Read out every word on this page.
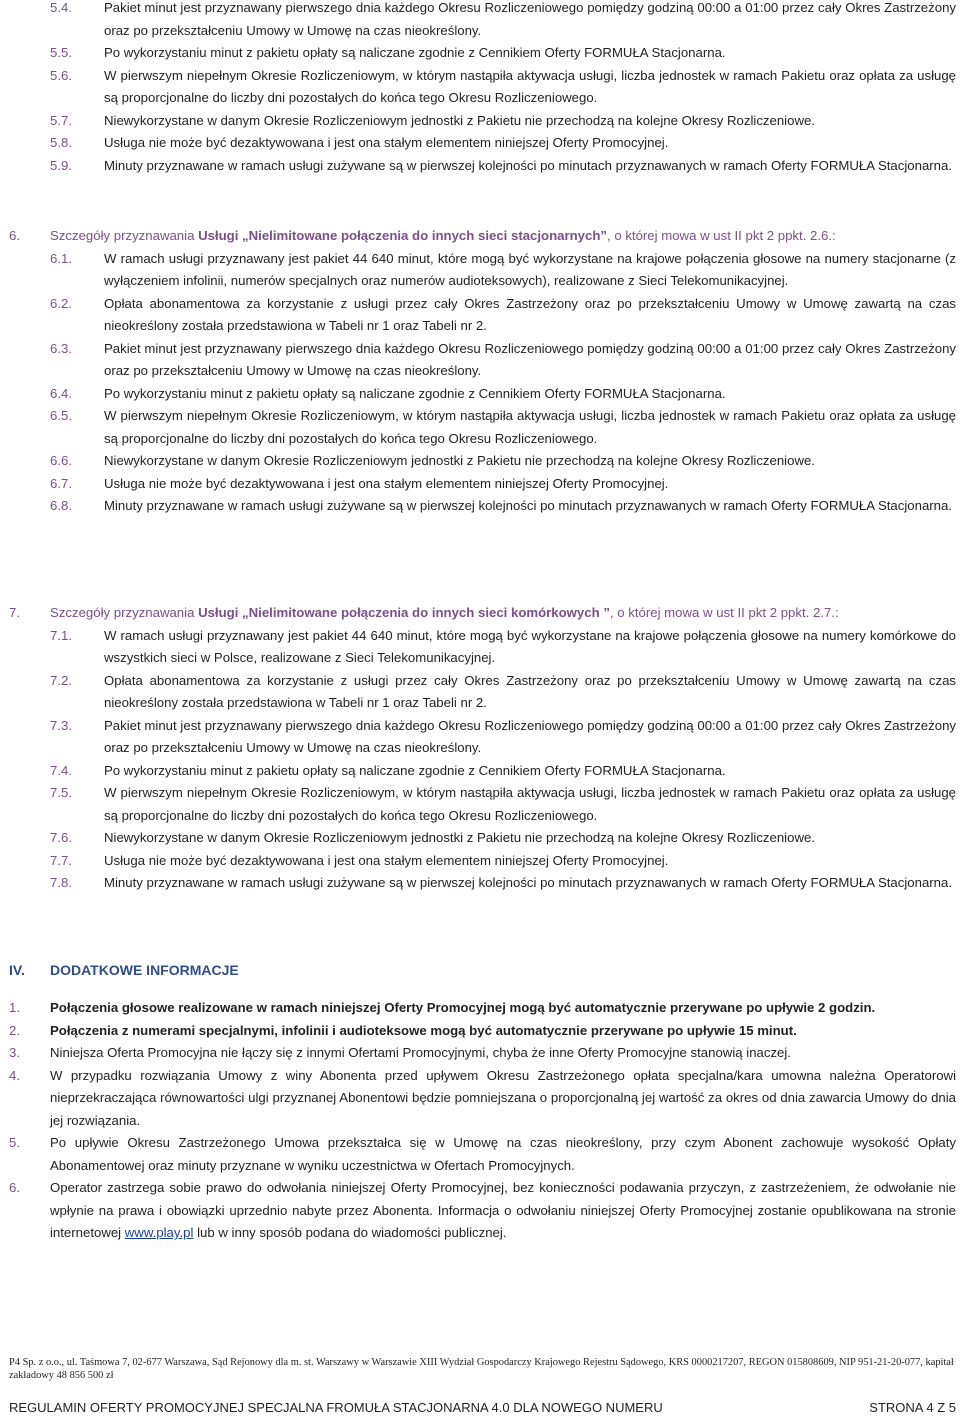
5.4.	Pakiet minut jest przyznawany pierwszego dnia każdego Okresu Rozliczeniowego pomiędzy godziną 00:00 a 01:00 przez cały Okres Zastrzeżony oraz po przekształceniu Umowy w Umowę na czas nieokreślony.
5.5.	Po wykorzystaniu minut z pakietu opłaty są naliczane zgodnie z Cennikiem Oferty FORMUŁA Stacjonarna.
5.6.	W pierwszym niepełnym Okresie Rozliczeniowym, w którym nastąpiła aktywacja usługi, liczba jednostek w ramach Pakietu oraz opłata za usługę są proporcjonalne do liczby dni pozostałych do końca tego Okresu Rozliczeniowego.
5.7.	Niewykorzystane w danym Okresie Rozliczeniowym jednostki z Pakietu nie przechodzą na kolejne Okresy Rozliczeniowe.
5.8.	Usługa nie może być dezaktywowana i jest ona stałym elementem niniejszej Oferty Promocyjnej.
5.9.	Minuty przyznawane w ramach usługi zużywane są w pierwszej kolejności po minutach przyznawanych w ramach Oferty FORMUŁA Stacjonarna.
6.	Szczegóły przyznawania Usługi „Nielimitowane połączenia do innych sieci stacjonarnych”, o której mowa w ust II pkt 2 ppkt. 2.6.:
6.1.	W ramach usługi przyznawany jest pakiet 44 640 minut, które mogą być wykorzystane na krajowe połączenia głosowe na numery stacjonarne (z wyłączeniem infolinii, numerów specjalnych oraz numerów audioteksowych), realizowane z Sieci Telekomunikacyjnej.
6.2.	Opłata abonamentowa za korzystanie z usługi przez cały Okres Zastrzeżony oraz po przekształceniu Umowy w Umowę zawartą na czas nieokreślony została przedstawiona w Tabeli nr 1 oraz Tabeli nr 2.
6.3.	Pakiet minut jest przyznawany pierwszego dnia każdego Okresu Rozliczeniowego pomiędzy godziną 00:00 a 01:00 przez cały Okres Zastrzeżony oraz po przekształceniu Umowy w Umowę na czas nieokreślony.
6.4.	Po wykorzystaniu minut z pakietu opłaty są naliczane zgodnie z Cennikiem Oferty FORMUŁA Stacjonarna.
6.5.	W pierwszym niepełnym Okresie Rozliczeniowym, w którym nastąpiła aktywacja usługi, liczba jednostek w ramach Pakietu oraz opłata za usługę są proporcjonalne do liczby dni pozostałych do końca tego Okresu Rozliczeniowego.
6.6.	Niewykorzystane w danym Okresie Rozliczeniowym jednostki z Pakietu nie przechodzą na kolejne Okresy Rozliczeniowe.
6.7.	Usługa nie może być dezaktywowana i jest ona stałym elementem niniejszej Oferty Promocyjnej.
6.8.	Minuty przyznawane w ramach usługi zużywane są w pierwszej kolejności po minutach przyznawanych w ramach Oferty FORMUŁA Stacjonarna.
7.	Szczegóły przyznawania Usługi „Nielimitowane połączenia do innych sieci komórkowych ”, o której mowa w ust II pkt 2 ppkt. 2.7.:
7.1.	W ramach usługi przyznawany jest pakiet 44 640 minut, które mogą być wykorzystane na krajowe połączenia głosowe na numery komórkowe do wszystkich sieci w Polsce, realizowane z Sieci Telekomunikacyjnej.
7.2.	Opłata abonamentowa za korzystanie z usługi przez cały Okres Zastrzeżony oraz po przekształceniu Umowy w Umowę zawartą na czas nieokreślony została przedstawiona w Tabeli nr 1 oraz Tabeli nr 2.
7.3.	Pakiet minut jest przyznawany pierwszego dnia każdego Okresu Rozliczeniowego pomiędzy godziną 00:00 a 01:00 przez cały Okres Zastrzeżony oraz po przekształceniu Umowy w Umowę na czas nieokreślony.
7.4.	Po wykorzystaniu minut z pakietu opłaty są naliczane zgodnie z Cennikiem Oferty FORMUŁA Stacjonarna.
7.5.	W pierwszym niepełnym Okresie Rozliczeniowym, w którym nastąpiła aktywacja usługi, liczba jednostek w ramach Pakietu oraz opłata za usługę są proporcjonalne do liczby dni pozostałych do końca tego Okresu Rozliczeniowego.
7.6.	Niewykorzystane w danym Okresie Rozliczeniowym jednostki z Pakietu nie przechodzą na kolejne Okresy Rozliczeniowe.
7.7.	Usługa nie może być dezaktywowana i jest ona stałym elementem niniejszej Oferty Promocyjnej.
7.8.	Minuty przyznawane w ramach usługi zużywane są w pierwszej kolejności po minutach przyznawanych w ramach Oferty FORMUŁA Stacjonarna.
IV.	DODATKOWE INFORMACJE
1.	Połączenia głosowe realizowane w ramach niniejszej Oferty Promocyjnej mogą być automatycznie przerywane po upływie 2 godzin.
2.	Połączenia z numerami specjalnymi, infolinii i audioteksowe mogą być automatycznie przerywane po upływie 15 minut.
3.	Niniejsza Oferta Promocyjna nie łączy się z innymi Ofertami Promocyjnymi, chyba że inne Oferty Promocyjne stanowią inaczej.
4.	W przypadku rozwiązania Umowy z winy Abonenta przed upływem Okresu Zastrzeżonego opłata specjalna/kara umowna należna Operatorowi nieprzekraczająca równowartości ulgi przyznanej Abonentowi będzie pomniejszana o proporcjonalną jej wartość za okres od dnia zawarcia Umowy do dnia jej rozwiązania.
5.	Po upływie Okresu Zastrzeżonego Umowa przekształca się w Umowę na czas nieokreślony, przy czym Abonent zachowuje wysokość Opłaty Abonamentowej oraz minuty przyznane w wyniku uczestnictwa w Ofertach Promocyjnych.
6.	Operator zastrzega sobie prawo do odwołania niniejszej Oferty Promocyjnej, bez konieczności podawania przyczyn, z zastrzeżeniem, że odwołanie nie wpłynie na prawa i obowiązki uprzednio nabyte przez Abonenta. Informacja o odwołaniu niniejszej Oferty Promocyjnej zostanie opublikowana na stronie internetowej www.play.pl lub w inny sposób podana do wiadomości publicznej.
P4 Sp. z o.o., ul. Taśmowa 7, 02-677 Warszawa, Sąd Rejonowy dla m. st. Warszawy w Warszawie XIII Wydział Gospodarczy Krajowego Rejestru Sądowego, KRS 0000217207, REGON 015808609, NIP 951-21-20-077, kapitał zakładowy 48 856 500 zł
REGULAMIN OFERTY PROMOCYJNEJ SPECJALNA FROMUŁA STACJONARNA 4.0 DLA NOWEGO NUMERU	STRONA 4 Z 5
